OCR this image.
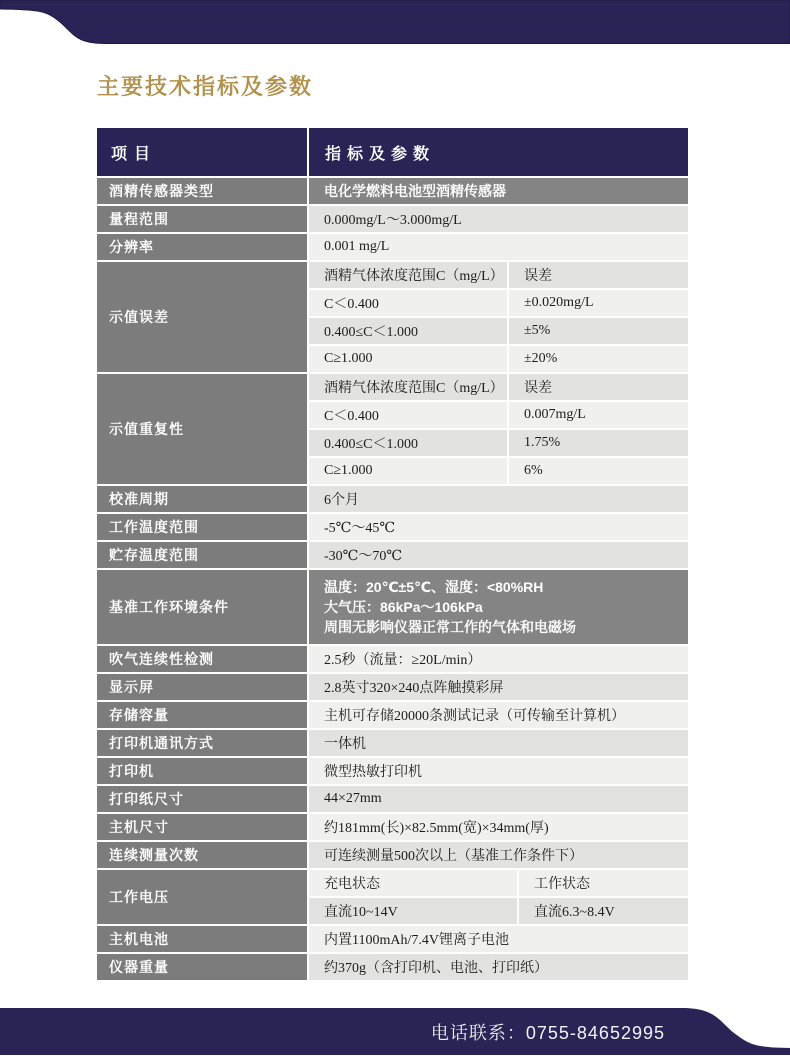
主要技术指标及参数
项目	指标及参数
酒精传感器类型	电化学燃料电池型酒精传感器
量程范围	0.000mg/L～3.000mg/L
分辨率	0.001 mg/L
示值误差
酒精气体浓度范围C（mg/L）	误差
C＜0.400	±0.020mg/L
0.400≤C＜1.000	±5%
C≥1.000	±20%
示值重复性
酒精气体浓度范围C（mg/L）	误差
C＜0.400	0.007mg/L
0.400≤C＜1.000	1.75%
C≥1.000	6%
校准周期	6个月
工作温度范围	-5℃～45℃
贮存温度范围	-30℃～70℃
基准工作环境条件
温度：20℃±5℃、湿度：<80%RH
大气压：86kPa～106kPa
周围无影响仪器正常工作的气体和电磁场
吹气连续性检测	2.5秒（流量：≥20L/min）
显示屏	2.8英寸320×240点阵触摸彩屏
存储容量	主机可存储20000条测试记录（可传输至计算机）
打印机通讯方式	一体机
打印机	微型热敏打印机
打印纸尺寸	44×27mm
主机尺寸	约181mm(长)×82.5mm(宽)×34mm(厚)
连续测量次数	可连续测量500次以上（基准工作条件下）
工作电压
充电状态	工作状态
直流10~14V	直流6.3~8.4V
主机电池	内置1100mAh/7.4V锂离子电池
仪器重量	约370g（含打印机、电池、打印纸）
电话联系：0755-84652995
